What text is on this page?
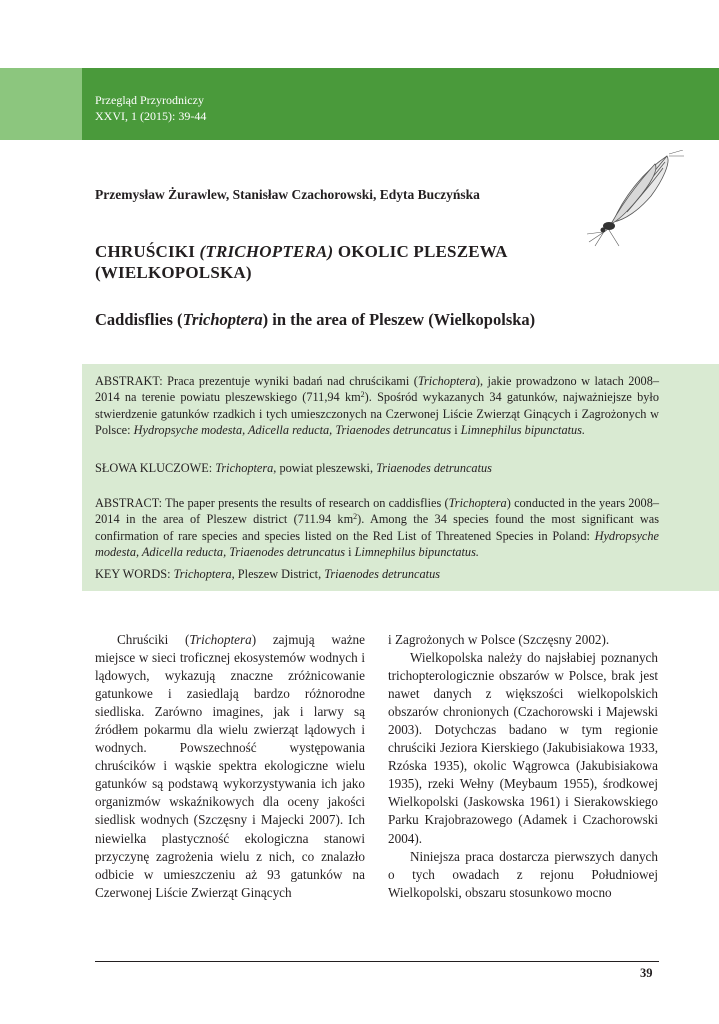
Przegląd Przyrodniczy
XXVI, 1 (2015): 39-44
Przemysław Żurawlew, Stanisław Czachorowski, Edyta Buczyńska
CHRUŚCIKI (TRICHOPTERA) OKOLIC PLESZEWA (WIELKOPOLSKA)
Caddisflies (Trichoptera) in the area of Pleszew (Wielkopolska)
ABSTRAKT: Praca prezentuje wyniki badań nad chruścikami (Trichoptera), jakie prowadzono w latach 2008–2014 na terenie powiatu pleszewskiego (711,94 $km^2$). Spośród wykazanych 34 gatunków, najważniejsze było stwierdzenie gatunków rzadkich i tych umieszczonych na Czerwonej Liście Zwierząt Ginących i Zagrożonych w Polsce: Hydropsyche modesta, Adicella reducta, Triaenodes detruncatus i Limnephilus bipunctatus.
SŁOWA KLUCZOWE: Trichoptera, powiat pleszewski, Triaenodes detruncatus
ABSTRACT: The paper presents the results of research on caddisflies (Trichoptera) conducted in the years 2008–2014 in the area of Pleszew district (711.94 $km^2$). Among the 34 species found the most significant was confirmation of rare species and species listed on the Red List of Threatened Species in Poland: Hydropsyche modesta, Adicella reducta, Triaenodes detruncatus i Limnephilus bipunctatus.
KEY WORDS: Trichoptera, Pleszew District, Triaenodes detruncatus

Chruściki (Trichoptera) zajmują ważne miejsce w sieci troficznej ekosystemów wodnych i lądowych, wykazują znaczne zróżnicowanie gatunkowe i zasiedlają bardzo różnorodne siedliska. Zarówno imagines, jak i larwy są źródłem pokarmu dla wielu zwierząt lądowych i wodnych. Powszechność występowania chruścików i wąskie spektra ekologiczne wielu gatunków są podstawą wykorzystywania ich jako organizmów wskaźnikowych dla oceny jakości siedlisk wodnych (Szczęsny i Majecki 2007). Ich niewielka plastyczność ekologiczna stanowi przyczynę zagrożenia wielu z nich, co znalazło odbicie w umieszczeniu aż 93 gatunków na Czerwonej Liście Zwierząt Ginących

i Zagrożonych w Polsce (Szczęsny 2002).

Wielkopolska należy do najsłabiej poznanych trichopterologicznie obszarów w Polsce, brak jest nawet danych z większości wielkopolskich obszarów chronionych (Czachorowski i Majewski 2003). Dotychczas badano w tym regionie chruściki Jeziora Kierskiego (Jakubisiakowa 1933, Rzóska 1935), okolic Wągrowca (Jakubisiakowa 1935), rzeki Wełny (Meybaum 1955), środkowej Wielkopolski (Jaskowska 1961) i Sierakowskiego Parku Krajobrazowego (Adamek i Czachorowski 2004).

Niniejsza praca dostarcza pierwszych danych o tych owadach z rejonu Południowej Wielkopolski, obszaru stosunkowo mocno

39
